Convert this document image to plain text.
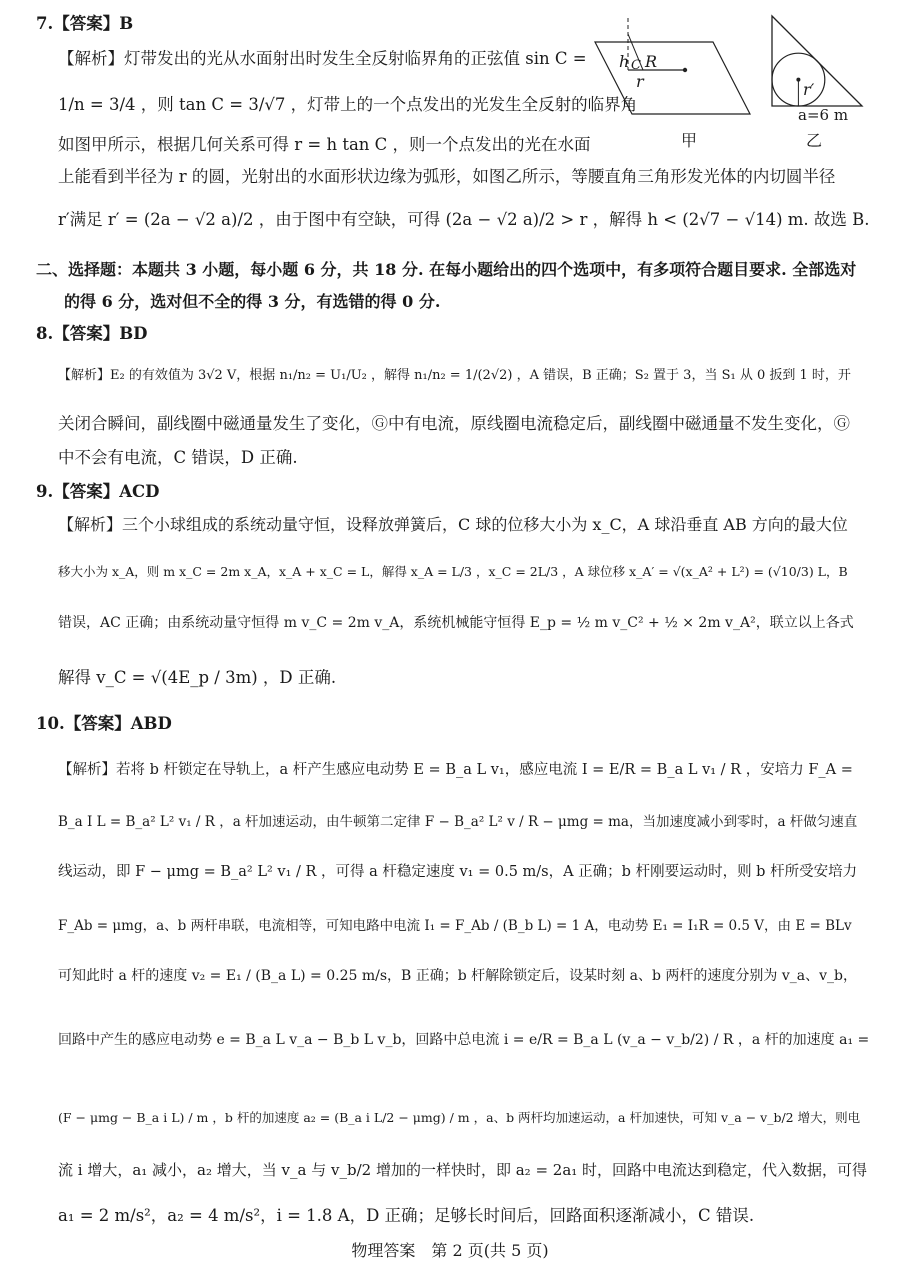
7.【答案】B
【解析】灯带发出的光从水面射出时发生全反射临界角的正弦值 sin C =
1/n = 3/4 ，则 tan C = 3/√7 ，灯带上的一个点发出的光发生全反射的临界角
如图甲所示，根据几何关系可得 r = h tan C ，则一个点发出的光在水面
上能看到半径为 r 的圆，光射出的水面形状边缘为弧形，如图乙所示，等腰直角三角形发光体的内切圆半径
r′满足 r′ = (2a − √2 a)/2 ，由于图中有空缺，可得 (2a − √2 a)/2 > r ，解得 h < (2√7 − √14) m. 故选 B.
h C R
r
甲
r′
a=6 m
乙
二、选择题：本题共 3 小题，每小题 6 分，共 18 分. 在每小题给出的四个选项中，有多项符合题目要求. 全部选对
的得 6 分，选对但不全的得 3 分，有选错的得 0 分.
8.【答案】BD
【解析】E₂ 的有效值为 3√2 V，根据 n₁/n₂ = U₁/U₂ ，解得 n₁/n₂ = 1/(2√2) ，A 错误，B 正确；S₂ 置于 3，当 S₁ 从 0 扳到 1 时，开
关闭合瞬间，副线圈中磁通量发生了变化，Ⓖ中有电流，原线圈电流稳定后，副线圈中磁通量不发生变化，Ⓖ
中不会有电流，C 错误，D 正确.
9.【答案】ACD
【解析】三个小球组成的系统动量守恒，设释放弹簧后，C 球的位移大小为 x_C，A 球沿垂直 AB 方向的最大位
移大小为 x_A，则 m x_C = 2m x_A，x_A + x_C = L，解得 x_A = L/3 ，x_C = 2L/3 ，A 球位移 x_A′ = √(x_A² + L²) = (√10/3) L，B
错误，AC 正确；由系统动量守恒得 m v_C = 2m v_A，系统机械能守恒得 E_p = ½ m v_C² + ½ × 2m v_A²，联立以上各式
解得 v_C = √(4E_p / 3m) ，D 正确.
10.【答案】ABD
【解析】若将 b 杆锁定在导轨上，a 杆产生感应电动势 E = B_a L v₁，感应电流 I = E/R = B_a L v₁ / R ，安培力 F_A =
B_a I L = B_a² L² v₁ / R ，a 杆加速运动，由牛顿第二定律 F − B_a² L² v / R − μmg = ma，当加速度减小到零时，a 杆做匀速直
线运动，即 F − μmg = B_a² L² v₁ / R ，可得 a 杆稳定速度 v₁ = 0.5 m/s，A 正确；b 杆刚要运动时，则 b 杆所受安培力
F_Ab = μmg，a、b 两杆串联，电流相等，可知电路中电流 I₁ = F_Ab / (B_b L) = 1 A，电动势 E₁ = I₁R = 0.5 V，由 E = BLv
可知此时 a 杆的速度 v₂ = E₁ / (B_a L) = 0.25 m/s，B 正确；b 杆解除锁定后，设某时刻 a、b 两杆的速度分别为 v_a、v_b，
回路中产生的感应电动势 e = B_a L v_a − B_b L v_b，回路中总电流 i = e/R = B_a L (v_a − v_b/2) / R ，a 杆的加速度 a₁ =
(F − μmg − B_a i L) / m ，b 杆的加速度 a₂ = (B_a i L/2 − μmg) / m ，a、b 两杆均加速运动，a 杆加速快，可知 v_a − v_b/2 增大，则电
流 i 增大，a₁ 减小，a₂ 增大，当 v_a 与 v_b/2 增加的一样快时，即 a₂ = 2a₁ 时，回路中电流达到稳定，代入数据，可得
a₁ = 2 m/s²，a₂ = 4 m/s²，i = 1.8 A，D 正确；足够长时间后，回路面积逐渐减小，C 错误.
物理答案　第 2 页(共 5 页)
